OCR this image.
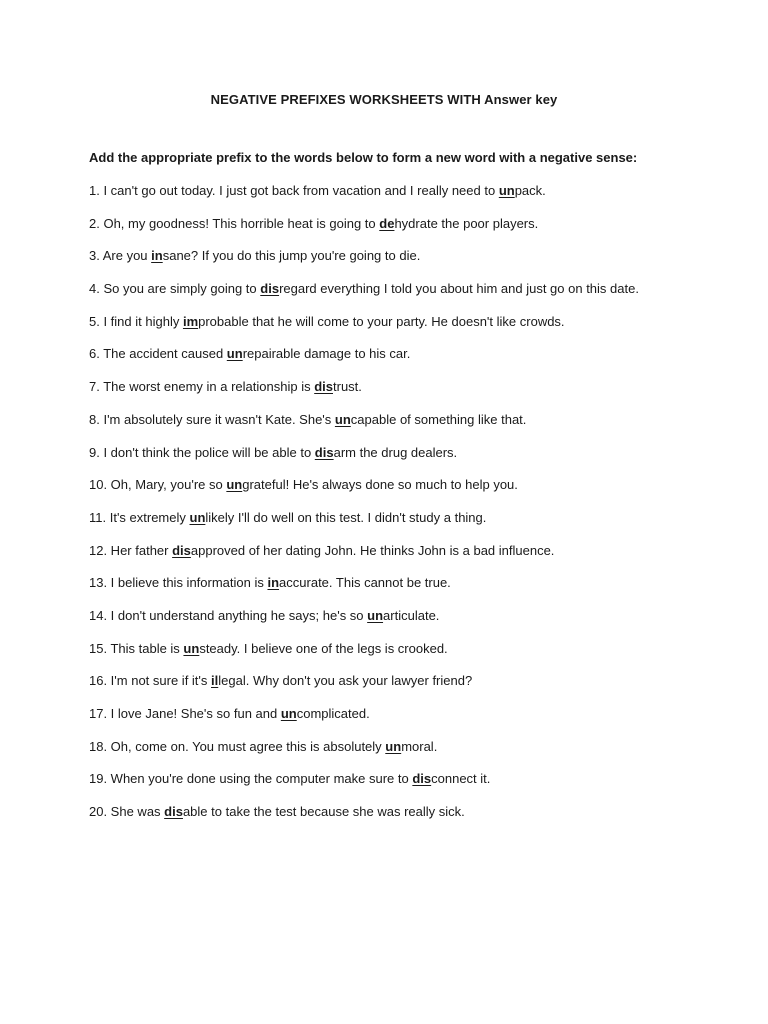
NEGATIVE PREFIXES WORKSHEETS WITH Answer key
Add the appropriate prefix to the words below to form a new word with a negative sense:
1. I can't go out today. I just got back from vacation and I really need to unpack.
2. Oh, my goodness! This horrible heat is going to dehydrate the poor players.
3. Are you insane? If you do this jump you're going to die.
4. So you are simply going to disregard everything I told you about him and just go on this date.
5. I find it highly improbable that he will come to your party. He doesn't like crowds.
6. The accident caused unrepairable damage to his car.
7. The worst enemy in a relationship is distrust.
8. I'm absolutely sure it wasn't Kate. She's uncapable of something like that.
9. I don't think the police will be able to disarm the drug dealers.
10. Oh, Mary, you're so ungrateful! He's always done so much to help you.
11. It's extremely unlikely I'll do well on this test. I didn't study a thing.
12. Her father disapproved of her dating John. He thinks John is a bad influence.
13. I believe this information is inaccurate. This cannot be true.
14. I don't understand anything he says; he's so unarticulate.
15. This table is unsteady. I believe one of the legs is crooked.
16. I'm not sure if it's illegal. Why don't you ask your lawyer friend?
17. I love Jane! She's so fun and uncomplicated.
18. Oh, come on. You must agree this is absolutely unmoral.
19. When you're done using the computer make sure to disconnect it.
20. She was disable to take the test because she was really sick.
